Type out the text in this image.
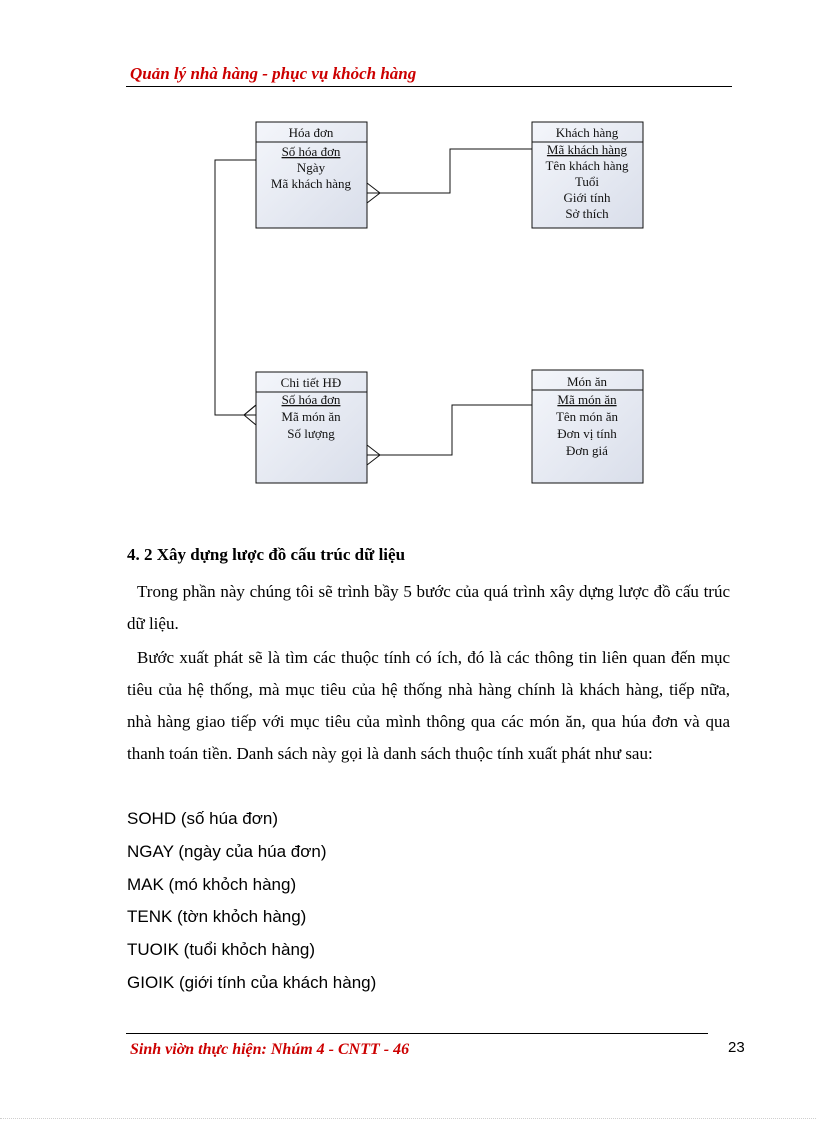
Quản lý nhà hàng - phục vụ khỏch hàng
Hóa đơn
Số hóa đơn
Ngày
Mã khách hàng
Khách hàng
Mã khách hàng
Tên khách hàng
Tuổi
Giới tính
Sở thích
Chi tiết HĐ
Số hóa đơn
Mã món ăn
Số lượng
Món ăn
Mã món ăn
Tên món ăn
Đơn vị tính
Đơn giá
4. 2 Xây dựng lược đồ cấu trúc dữ liệu
Trong phần này chúng tôi sẽ trình bầy 5 bước của quá trình xây dựng lược đồ cấu trúc dữ liệu.
Bước xuất phát sẽ là tìm các thuộc tính có ích, đó là các thông tin liên quan đến mục tiêu của hệ thống, mà mục tiêu của hệ thống nhà hàng chính là khách hàng, tiếp nữa, nhà hàng giao tiếp với mục tiêu của mình thông qua các món ăn, qua húa đơn và qua thanh toán tiền. Danh sách này gọi là danh sách thuộc tính xuất phát như sau:
SOHD (số húa đơn)
NGAY (ngày của húa đơn)
MAK (mó khỏch hàng)
TENK (tờn khỏch hàng)
TUOIK (tuổi khỏch hàng)
GIOIK (giới tính của khách hàng)
Sinh viờn thực hiện: Nhúm 4 - CNTT - 46	23
